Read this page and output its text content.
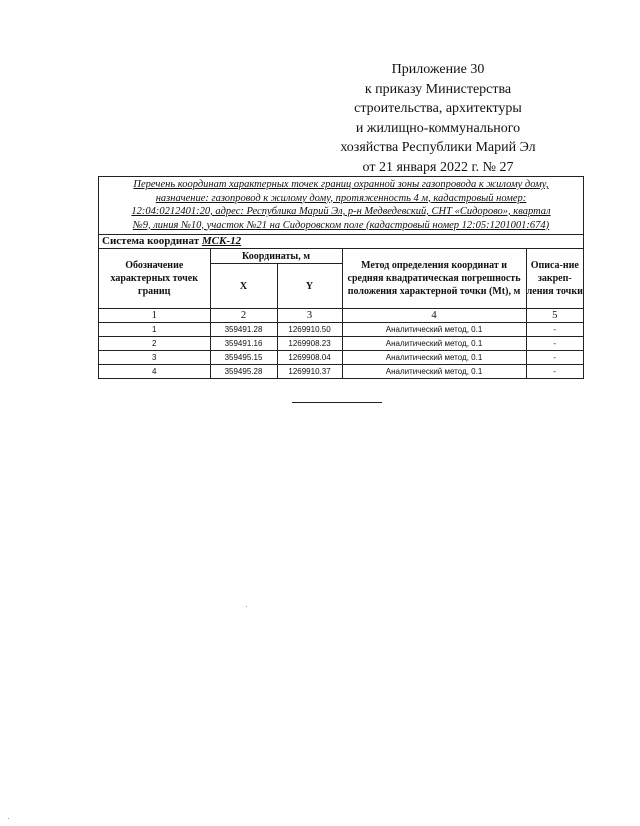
Приложение 30
к приказу Министерства
строительства, архитектуры
и жилищно-коммунального
хозяйства Республики Марий Эл
от 21 января 2022 г. № 27
Перечень координат характерных точек границ охранной зоны газопровода к жилому дому,
назначение: газопровод к жилому дому, протяженность 4 м, кадастровый номер:
12:04:0212401:20, адрес: Республика Марий Эл, р-н Медведевский, СНТ «Сидорово», квартал
№9, линия №10, участок №21 на Сидоровском поле (кадастровый номер 12:05:1201001:674)
Система координат МСК-12
Обозначение характерных точек границ	Координаты, м		Метод определения координат и средняя квадратическая погрешность положения характерной точки (Mt), м	Описа-ние закреп-ления точки
	X	Y		
1	2	3	4	5
1	359491.28	1269910.50	Аналитический метод, 0.1	-
2	359491.16	1269908.23	Аналитический метод, 0.1	-
3	359495.15	1269908.04	Аналитический метод, 0.1	-
4	359495.28	1269910.37	Аналитический метод, 0.1	-
